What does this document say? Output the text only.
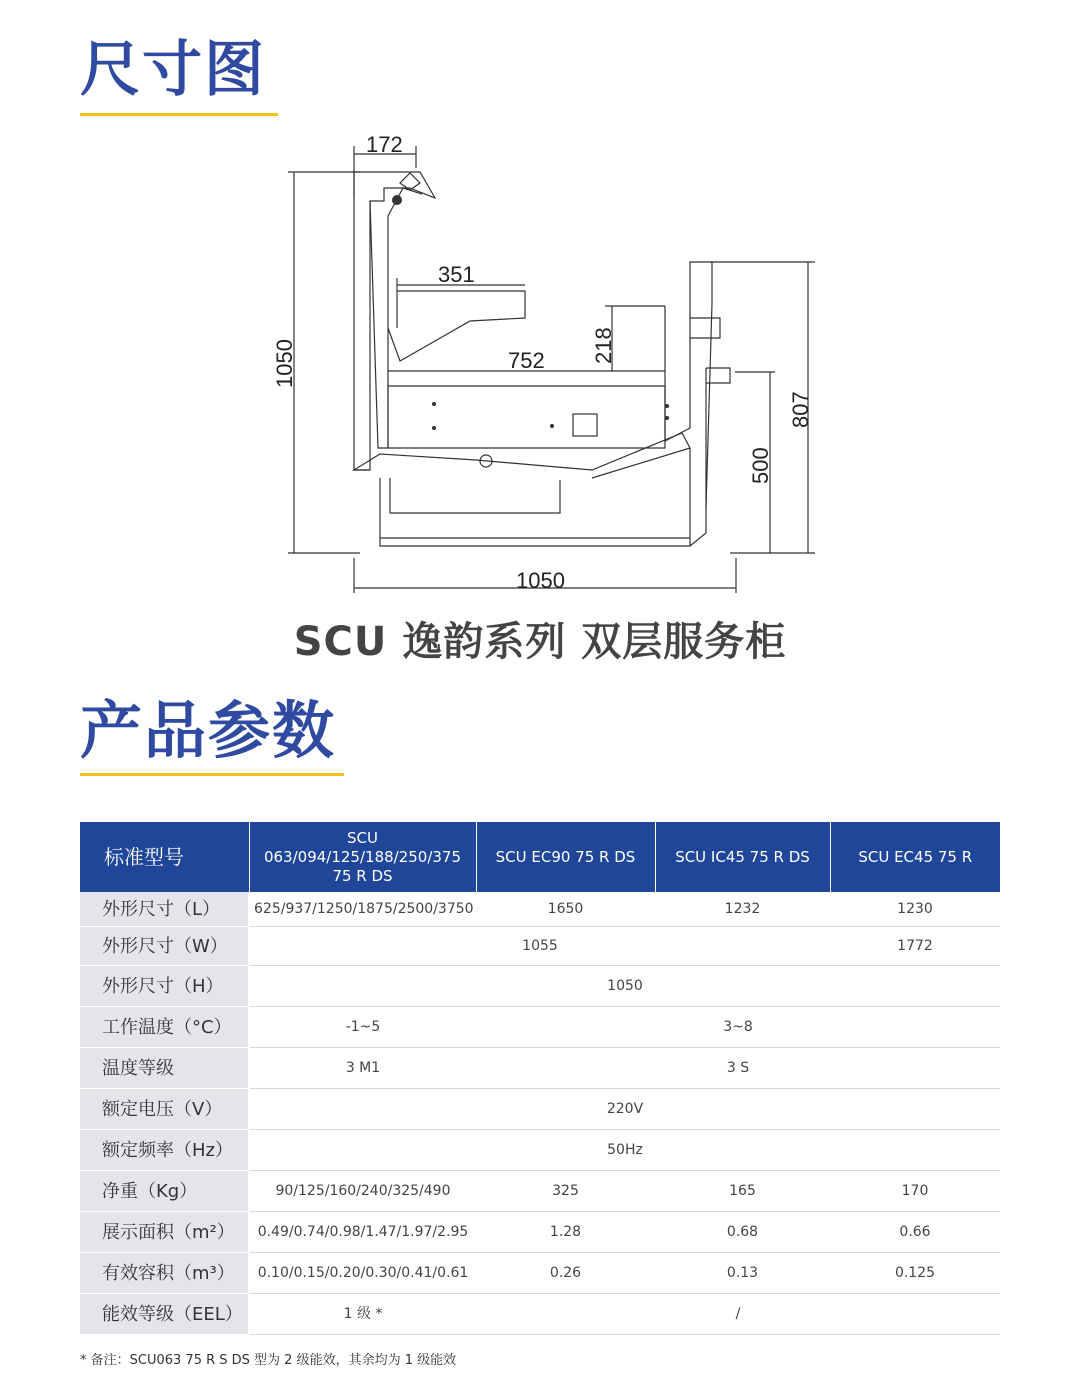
尺寸图
172
351
752 218
1050
807
500
1050
SCU 逸韵系列 双层服务柜
产品参数
标准型号	SCU 063/094/125/188/250/375 75 R DS	SCU EC90 75 R DS	SCU IC45 75 R DS	SCU EC45 75 R
外形尺寸（L）	625/937/1250/1875/2500/3750	1650	1232	1230
外形尺寸（W）	1055			1772
外形尺寸（H）	1050			
工作温度（°C）	-1~5	3~8		
温度等级	3 M1	3 S		
额定电压（V）	220V			
额定频率（Hz）	50Hz			
净重（Kg）	90/125/160/240/325/490	325	165	170
展示面积（m²）	0.49/0.74/0.98/1.47/1.97/2.95	1.28	0.68	0.66
有效容积（m³）	0.10/0.15/0.20/0.30/0.41/0.61	0.26	0.13	0.125
能效等级（EEL）	1 级 *	/		
* 备注：SCU063 75 R S DS 型为 2 级能效，其余均为 1 级能效
